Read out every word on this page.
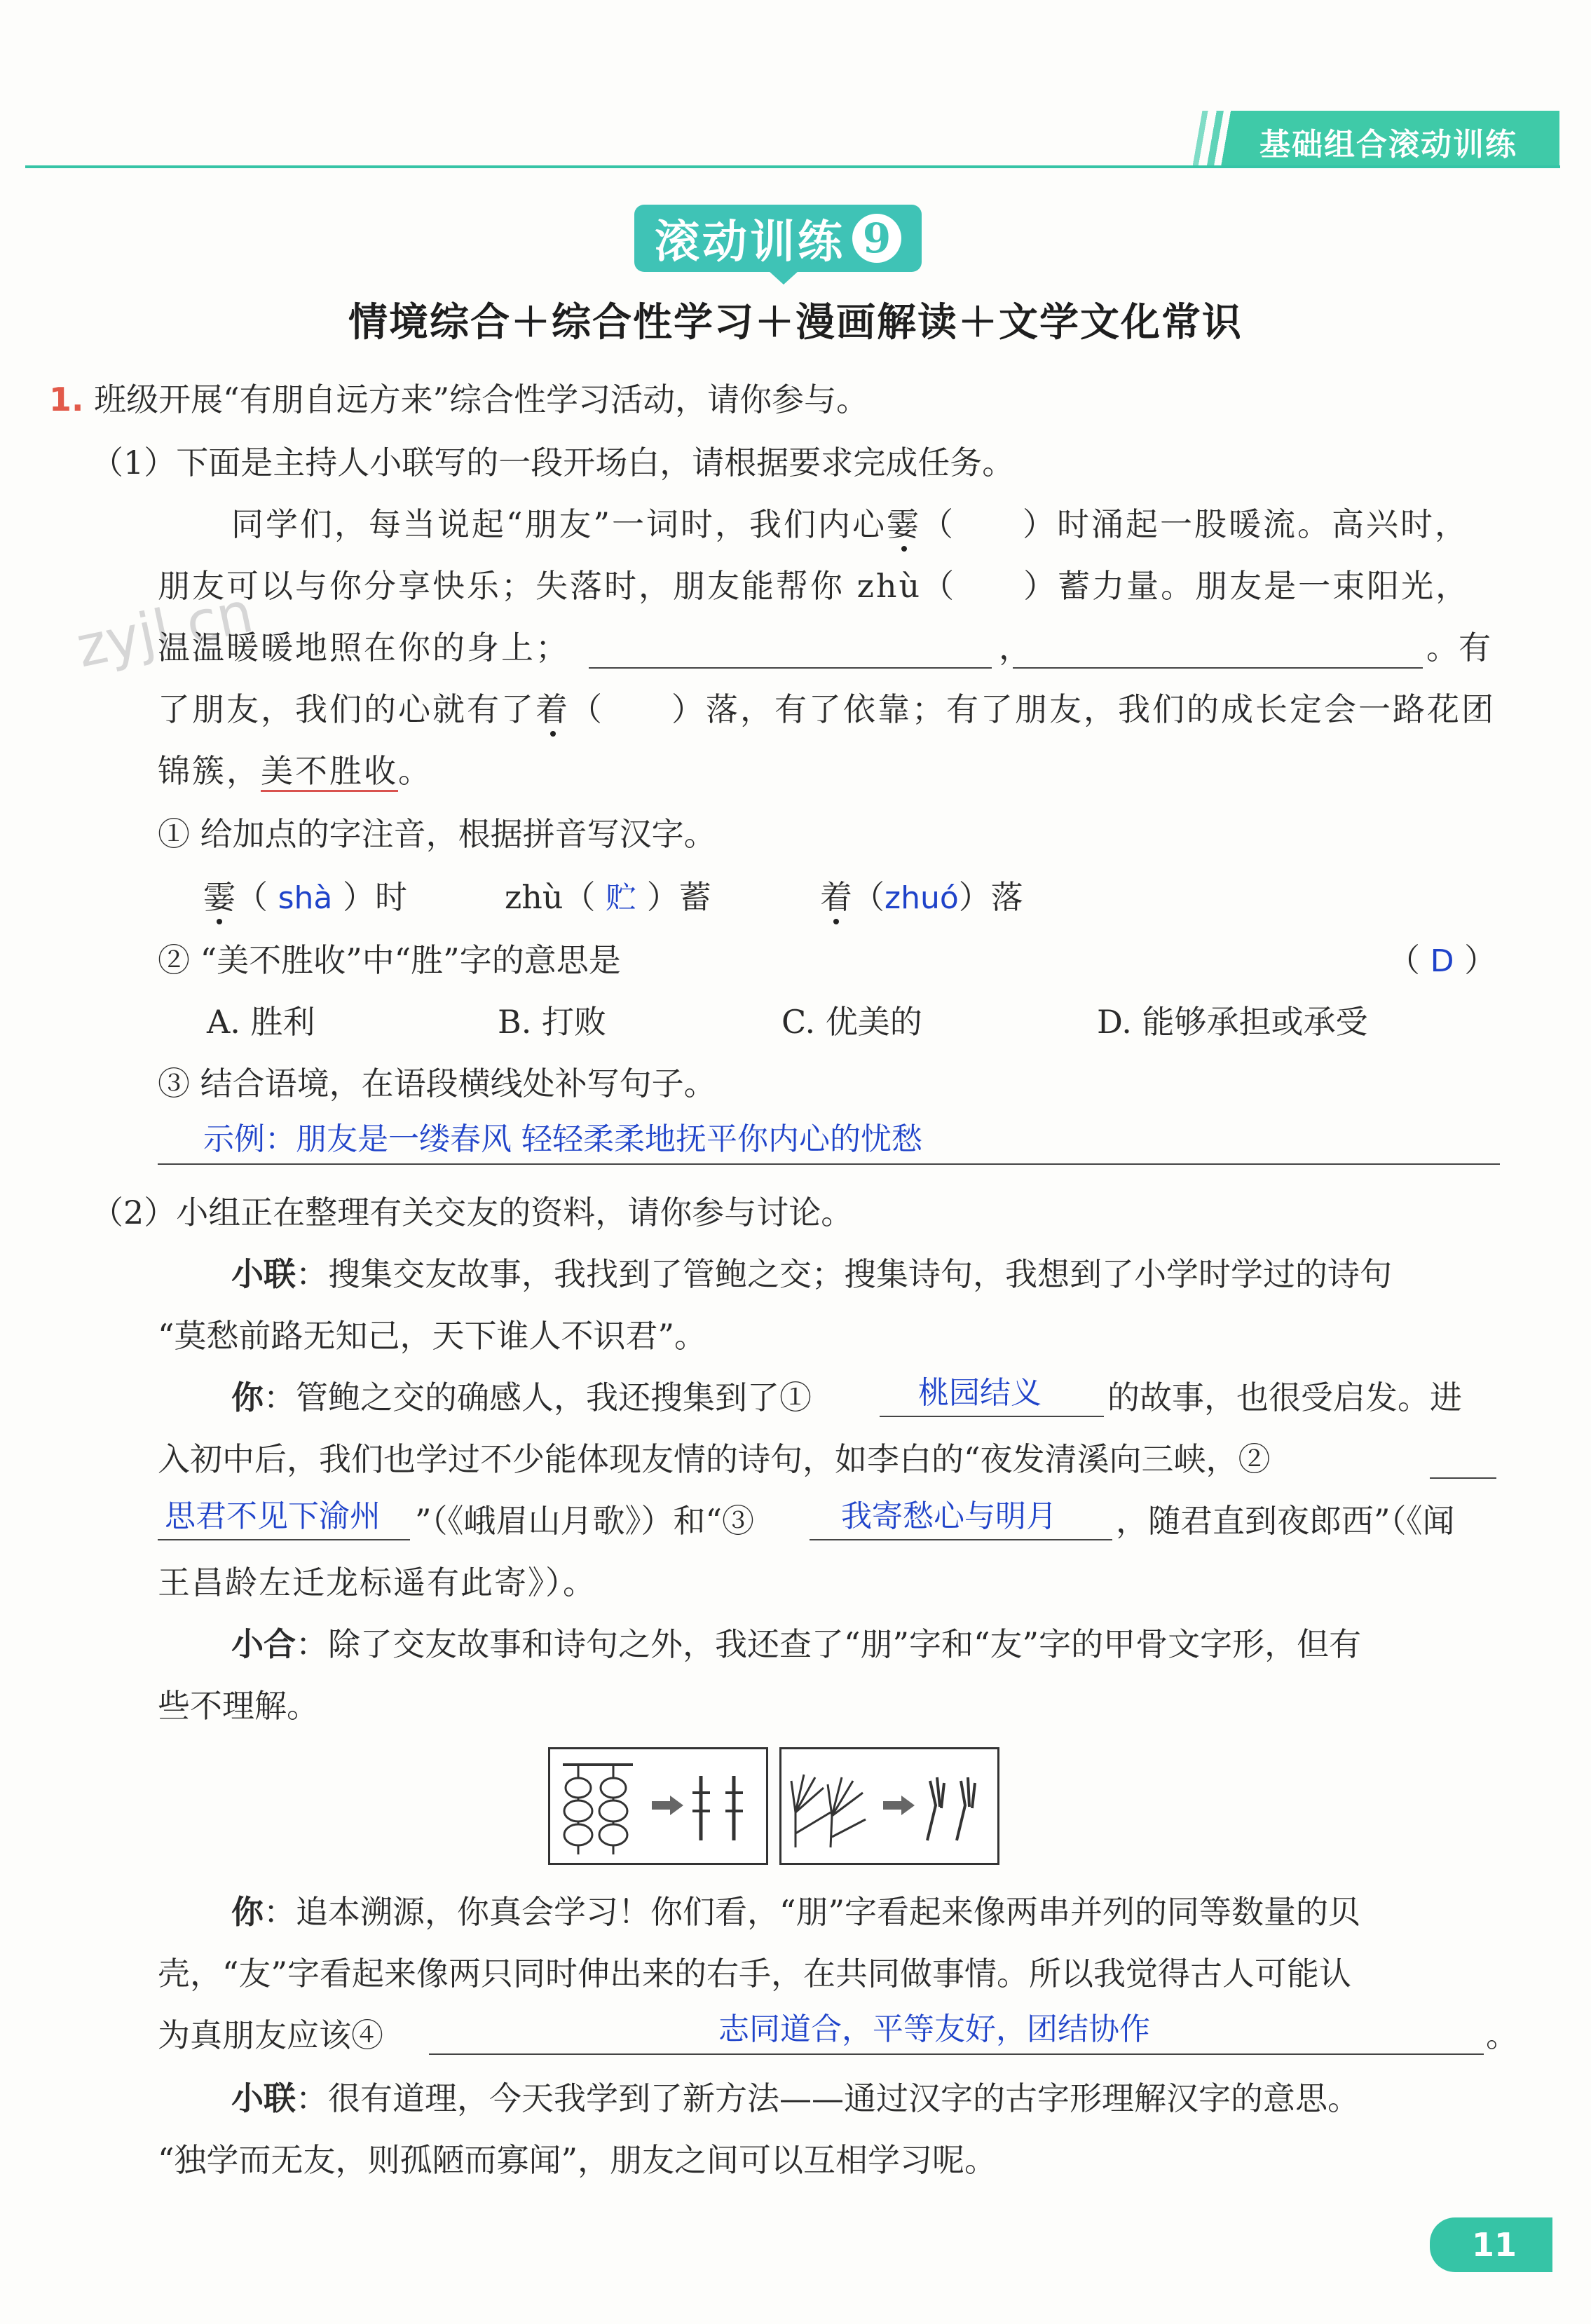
基础组合滚动训练
滚动训练 9
情境综合＋综合性学习＋漫画解读＋文学文化常识
zyjl.cn
1. 班级开展“有朋自远方来”综合性学习活动，请你参与。
（1）下面是主持人小联写的一段开场白，请根据要求完成任务。
同学们，每当说起“朋友”一词时，我们内心霎（ ）时涌起一股暖流。高兴时，
朋友可以与你分享快乐；失落时，朋友能帮你 zhù（ ）蓄力量。朋友是一束阳光，
温温暖暖地照在你的身上；	，	。有
了朋友，我们的心就有了着（ ）落，有了依靠；有了朋友，我们的成长定会一路花团
锦簇，美不胜收。
① 给加点的字注音，根据拼音写汉字。
霎（ shà ）时	zhù（ 贮 ）蓄	着（zhuó）落
② “美不胜收”中“胜”字的意思是	（ D ）
A. 胜利	B. 打败	C. 优美的	D. 能够承担或承受
③ 结合语境，在语段横线处补写句子。
示例：朋友是一缕春风 轻轻柔柔地抚平你内心的忧愁
（2）小组正在整理有关交友的资料，请你参与讨论。
小联：搜集交友故事，我找到了管鲍之交；搜集诗句，我想到了小学时学过的诗句
“莫愁前路无知己，天下谁人不识君”。
你：管鲍之交的确感人，我还搜集到了①	桃园结义 的故事，也很受启发。进
入初中后，我们也学过不少能体现友情的诗句，如李白的“夜发清溪向三峡，②
思君不见下渝州 ”（《峨眉山月歌》）和“③	我寄愁心与明月 ，随君直到夜郎西”（《闻
王昌龄左迁龙标遥有此寄》）。
小合：除了交友故事和诗句之外，我还查了“朋”字和“友”字的甲骨文字形，但有
些不理解。
你：追本溯源，你真会学习！你们看，“朋”字看起来像两串并列的同等数量的贝
壳，“友”字看起来像两只同时伸出来的右手，在共同做事情。所以我觉得古人可能认
为真朋友应该④	志同道合，平等友好，团结协作	。
小联：很有道理，今天我学到了新方法——通过汉字的古字形理解汉字的意思。
“独学而无友，则孤陋而寡闻”，朋友之间可以互相学习呢。
11
